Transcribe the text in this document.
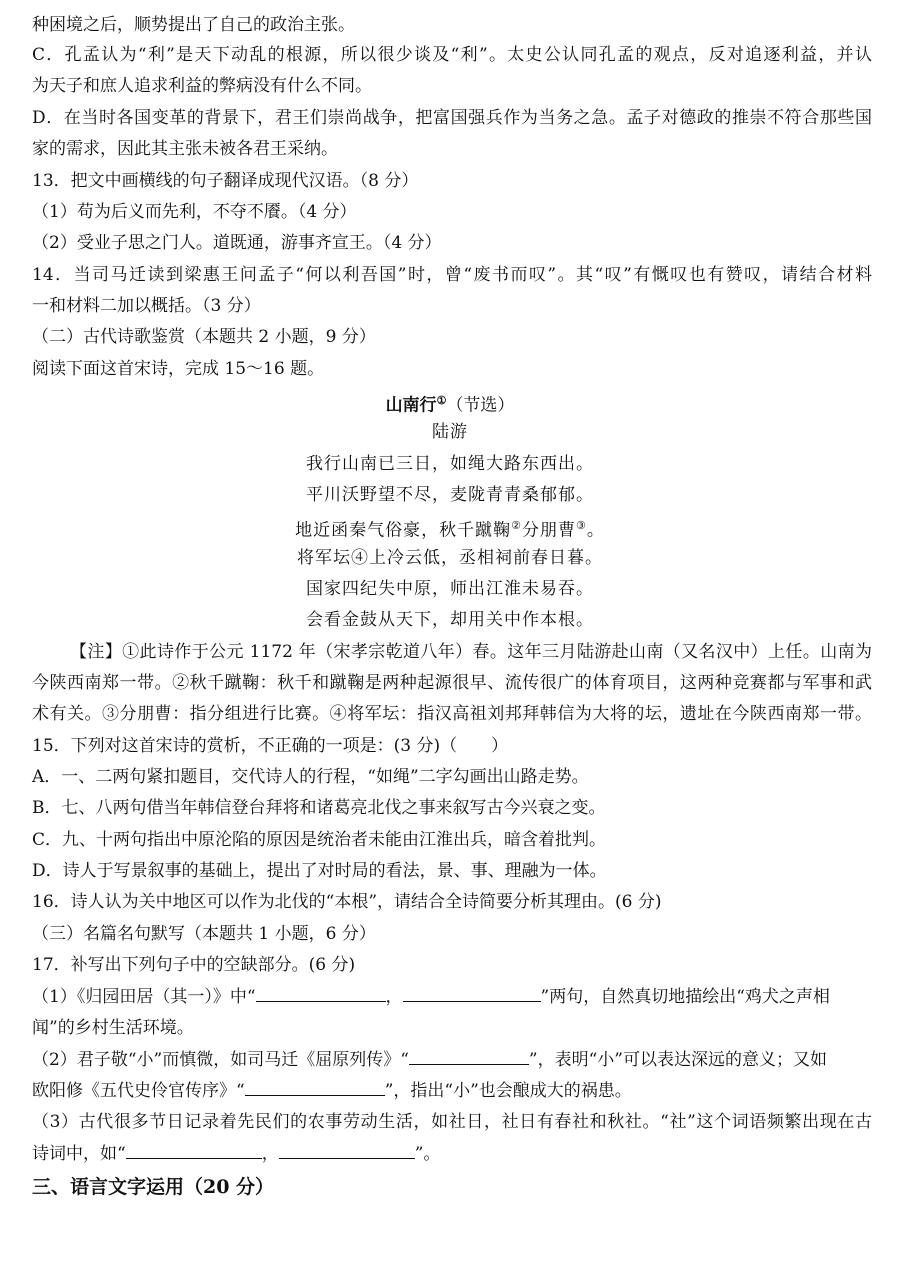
种困境之后，顺势提出了自己的政治主张。
C．孔孟认为“利”是天下动乱的根源，所以很少谈及“利”。太史公认同孔孟的观点，反对追逐利益，并认
为天子和庶人追求利益的弊病没有什么不同。
D．在当时各国变革的背景下，君王们崇尚战争，把富国强兵作为当务之急。孟子对德政的推崇不符合那些国
家的需求，因此其主张未被各君王采纳。
13．把文中画横线的句子翻译成现代汉语。（8 分）
（1）苟为后义而先利，不夺不餍。（4 分）
（2）受业子思之门人。道既通，游事齐宣王。（4 分）
14．当司马迁读到梁惠王问孟子“何以利吾国”时，曾“废书而叹”。其“叹”有慨叹也有赞叹，请结合材料
一和材料二加以概括。（3 分）
（二）古代诗歌鉴赏（本题共 2 小题，9 分）
阅读下面这首宋诗，完成 15～16 题。
山南行①（节选）
陆游
我行山南已三日，如绳大路东西出。
平川沃野望不尽，麦陇青青桑郁郁。
地近函秦气俗豪，秋千蹴鞠②分朋曹③。
将军坛④上冷云低，丞相祠前春日暮。
国家四纪失中原，师出江淮未易吞。
会看金鼓从天下，却用关中作本根。
【注】①此诗作于公元 1172 年（宋孝宗乾道八年）春。这年三月陆游赴山南（又名汉中）上任。山南为
今陕西南郑一带。②秋千蹴鞠：秋千和蹴鞠是两种起源很早、流传很广的体育项目，这两种竞赛都与军事和武
术有关。③分朋曹：指分组进行比赛。④将军坛：指汉高祖刘邦拜韩信为大将的坛，遗址在今陕西南郑一带。
15．下列对这首宋诗的赏析，不正确的一项是：(3 分)（　　）
A．一、二两句紧扣题目，交代诗人的行程，“如绳”二字勾画出山路走势。
B．七、八两句借当年韩信登台拜将和诸葛亮北伐之事来叙写古今兴衰之变。
C．九、十两句指出中原沦陷的原因是统治者未能由江淮出兵，暗含着批判。
D．诗人于写景叙事的基础上，提出了对时局的看法，景、事、理融为一体。
16．诗人认为关中地区可以作为北伐的“本根”，请结合全诗简要分析其理由。(6 分)
（三）名篇名句默写（本题共 1 小题，6 分）
17．补写出下列句子中的空缺部分。(6 分)
（1）《归园田居（其一）》中“	，	”两句，自然真切地描绘出“鸡犬之声相
闻”的乡村生活环境。
（2）君子敬“小”而慎微，如司马迁《屈原列传》“	”，表明“小”可以表达深远的意义；又如
欧阳修《五代史伶官传序》“	”，指出“小”也会酿成大的祸患。
（3）古代很多节日记录着先民们的农事劳动生活，如社日，社日有春社和秋社。“社”这个词语频繁出现在古
诗词中，如“	，	”。
三、语言文字运用（20 分）
